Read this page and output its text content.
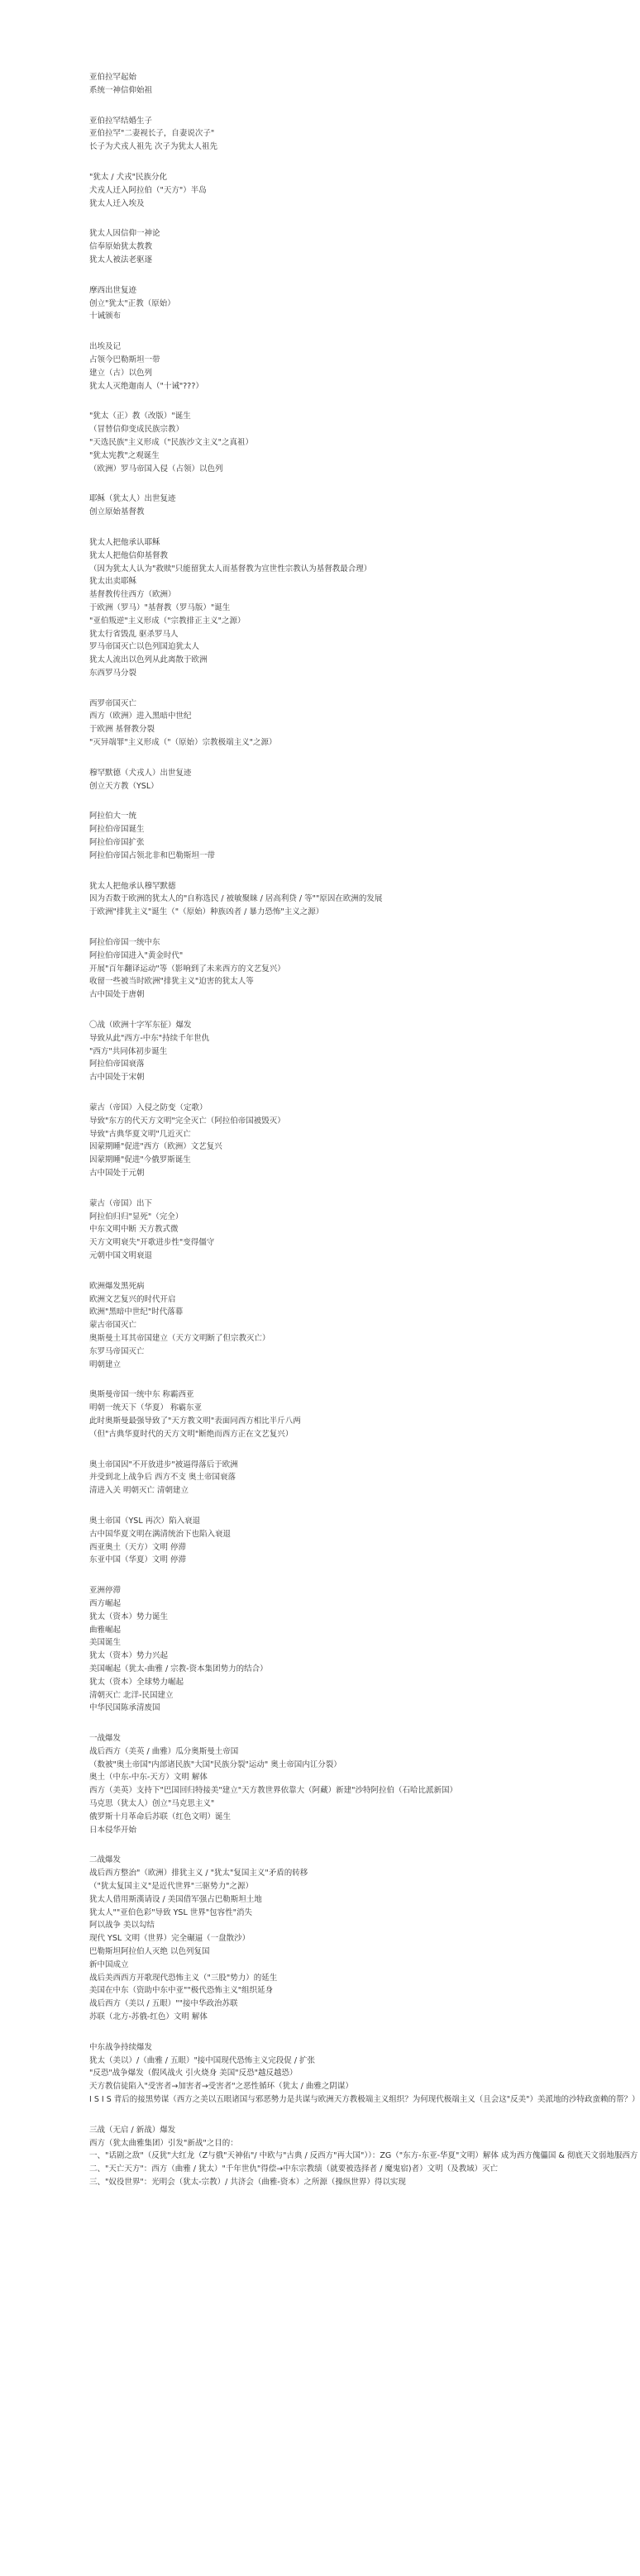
亚伯拉罕起始
系统一神信仰始祖
亚伯拉罕结婚生子
亚伯拉罕"二妻视长子，自妻说次子"
长子为犬戎人祖先 次子为犹太人祖先
"犹太 / 犬戎"民族分化
犬戎人迁入阿拉伯（"天方"）半岛
犹太人迁入埃及
犹太人因信仰一神论
信奉原始犹太教教
犹太人被法老驱逐
摩西出世复迹
创立"犹太"正教（原始）
十诫颁布
出埃及记
占领今巴勒斯坦一带
建立（古）以色列
犹太人灭绝迦南人（"十诫"???）
"犹太（正）教（改版）"诞生
（冒替信仰变成民族宗教）
"天选民族"主义形成（"民族沙文主义"之真祖）
"犹太宪教"之观诞生
（欧洲）罗马帝国入侵（占领）以色列
耶稣（犹太人）出世复迹
创立原始基督教
犹太人把他承认耶稣
犹太人把他信仰基督教
（因为犹太人认为"救赎"只能留犹太人而基督教为宣世性宗教认为基督教最合理）
犹太出卖耶稣
基督教传往西方（欧洲）
于欧洲（罗马）"基督教（罗马版）"诞生
"亚伯叛逆"主义形成（"宗教排正主义"之源）
犹太行省毁乱 驱杀罗马人
罗马帝国灭亡以色列国迫犹太人
犹太人流出以色列从此离散于欧洲
东西罗马分裂
西罗帝国灭亡
西方（欧洲）进入黑暗中世纪
于欧洲 基督教分裂
"灭异端罪"主义形成（"（原始）宗教极端主义"之源）
穆罕默德（犬戎人）出世复迹
创立天方教（YSL）
阿拉伯大一统
阿拉伯帝国诞生
阿拉伯帝国扩张
阿拉伯帝国占领北非和巴勒斯坦一带
犹太人把他承认穆罕默德
因为否数于欧洲的犹太人的"自称选民 / 被敏聚睐 / 居高利贷 / 等""原因在欧洲的发展
于欧洲"排犹主义"诞生（"（原始）种族凶者 / 暴力恐怖"主义之源）
阿拉伯帝国一统中东
阿拉伯帝国进入"黄金时代"
开展"百年翻译运动"等（影响到了未来西方的文艺复兴）
收留一些被当时欧洲"排犹主义"迫害的犹太人等
古中国处于唐朝
〇战（欧洲十字军东征）爆发
导致从此"西方-中东"持续千年世仇
"西方"共同体初步诞生
阿拉伯帝国衰落
古中国处于宋朝
蒙古（帝国）入侵之防变（定歌）
导致"东方的代天方文明"完全灭亡（阿拉伯帝国被毁灭）
导致"古典华夏文明"几近灭亡
因蒙期睡"促进"西方（欧洲）文艺复兴
因蒙期睡"促进"今俄罗斯诞生
古中国处于元朝
蒙古（帝国）出下
阿拉伯归归"显死"（完全）
中东文明中断 天方教式微
天方文明衰失"开歌进步性"变得僵守
元朝中国文明衰退
欧洲爆发黑死病
欧洲文艺复兴的时代开启
欧洲"黑暗中世纪"时代落幕
蒙古帝国灭亡
奥斯曼土耳其帝国建立（天方文明断了但宗教灭亡）
东罗马帝国灭亡
明朝建立
奥斯曼帝国一统中东 称霸西亚
明朝一统天下（华夏） 称霸东亚
此时奥斯曼最强导致了"天方教文明"表面同西方相比半斤八两
（但"古典华夏时代的天方文明"断绝而西方正在文艺复兴）
奥土帝国因"不开放进步"被逼得落后于欧洲
并受到北上战争后 西方不支 奥土帝国衰落
清进入关 明朝灭亡 清朝建立
奥土帝国（YSL 再次）陷入衰退
古中国华夏文明在满清统治下也陷入衰退
西亚奥土（天方）文明 停滞
东亚中国（华夏）文明 停滞
亚洲停滞
西方崛起
犹太（资本）势力诞生
曲雅崛起
美国诞生
犹太（资本）势力兴起
美国崛起（犹太-曲雅 / 宗教-资本集团势力的结合）
犹太（资本）全球势力崛起
清朝灭亡 北洋-民国建立
中华民国陈承清废国
一战爆发
战后西方（美英 / 曲雅）瓜分奥斯曼土帝国
（数被"奥土帝国"内部诸民族"大国"民族分裂"运动" 奥土帝国内讧分裂）
奥土（中东-中东-天方）文明 解体
西方（美英）支持下"巴国回归特接美"建立"天方教世界依靠大（阿藏）新建"沙特阿拉伯（石哈比派新国）
马克思（犹太人）创立"马克思主义"
俄罗斯十月革命后苏联（红色文明）诞生
日本侵华开始
二战爆发
战后西方整治"（欧洲）排犹主义 / "犹太"复国主义"矛盾的转移
（"犹太复国主义"是近代世界"三驱势力"之源）
犹太人借用斯漢请设 / 美国借军强占巴勒斯坦土地
犹太人""亚伯色彩"导致 YSL 世界"包容性"消失
阿以战争 美以勾结
现代 YSL 文明（世界）完全碾逼（一盘散沙）
巴勒斯坦阿拉伯人灭绝 以色列复国
新中国成立
战后美西西方开歌现代恐怖主义（"三股"势力）的延生
美国在中东（资助中东中亚""极代恐怖主义"组织延身
战后西方（美以 / 五眼）""接中华政治苏联
苏联（北方-苏俄-红色）文明 解体
中东战争持续爆发
犹太（美以）/（曲雅 / 五眼）"接中国现代恐怖主义完段促 / 扩张
"反恐"战争爆发（假风战火 引火烧身 美国"反恐"越反越恐）
天方教信徒陷入"受害者→加害者→受害者"之恶性循环（犹太 / 曲雅之阴谋）
I S I S 背后的接黑势谋（西方之美以五眼诸国与邪恶勢力是共谋与欧洲天方教极端主义组织？为何现代极端主义（且会这"反美"）美派地的沙特政蛮赖的帮？）
三战（无启 / 新战）爆发
西方（犹太曲雅集团）引发"新战"之目的：
一、"话剧之敌"（反犹"大红龙（Z与俄"天神佑"/ 中欧与"古典 / 反西方"再大国"））：ZG（"东方-东亚-华夏"文明）解体 成为西方傀儡国 & 彻底天文弱地服西方
二、"天亡天方"：西方（曲雅 / 犹太）"千年世仇"得偿→中东宗教绩（就要被选择者 / 魔鬼宿)者）文明（及教域）灭亡
三、"奴役世界"：光明会（犹太-宗教）/ 共济会（曲雅-资本）之所源（操纵世界）得以实现
